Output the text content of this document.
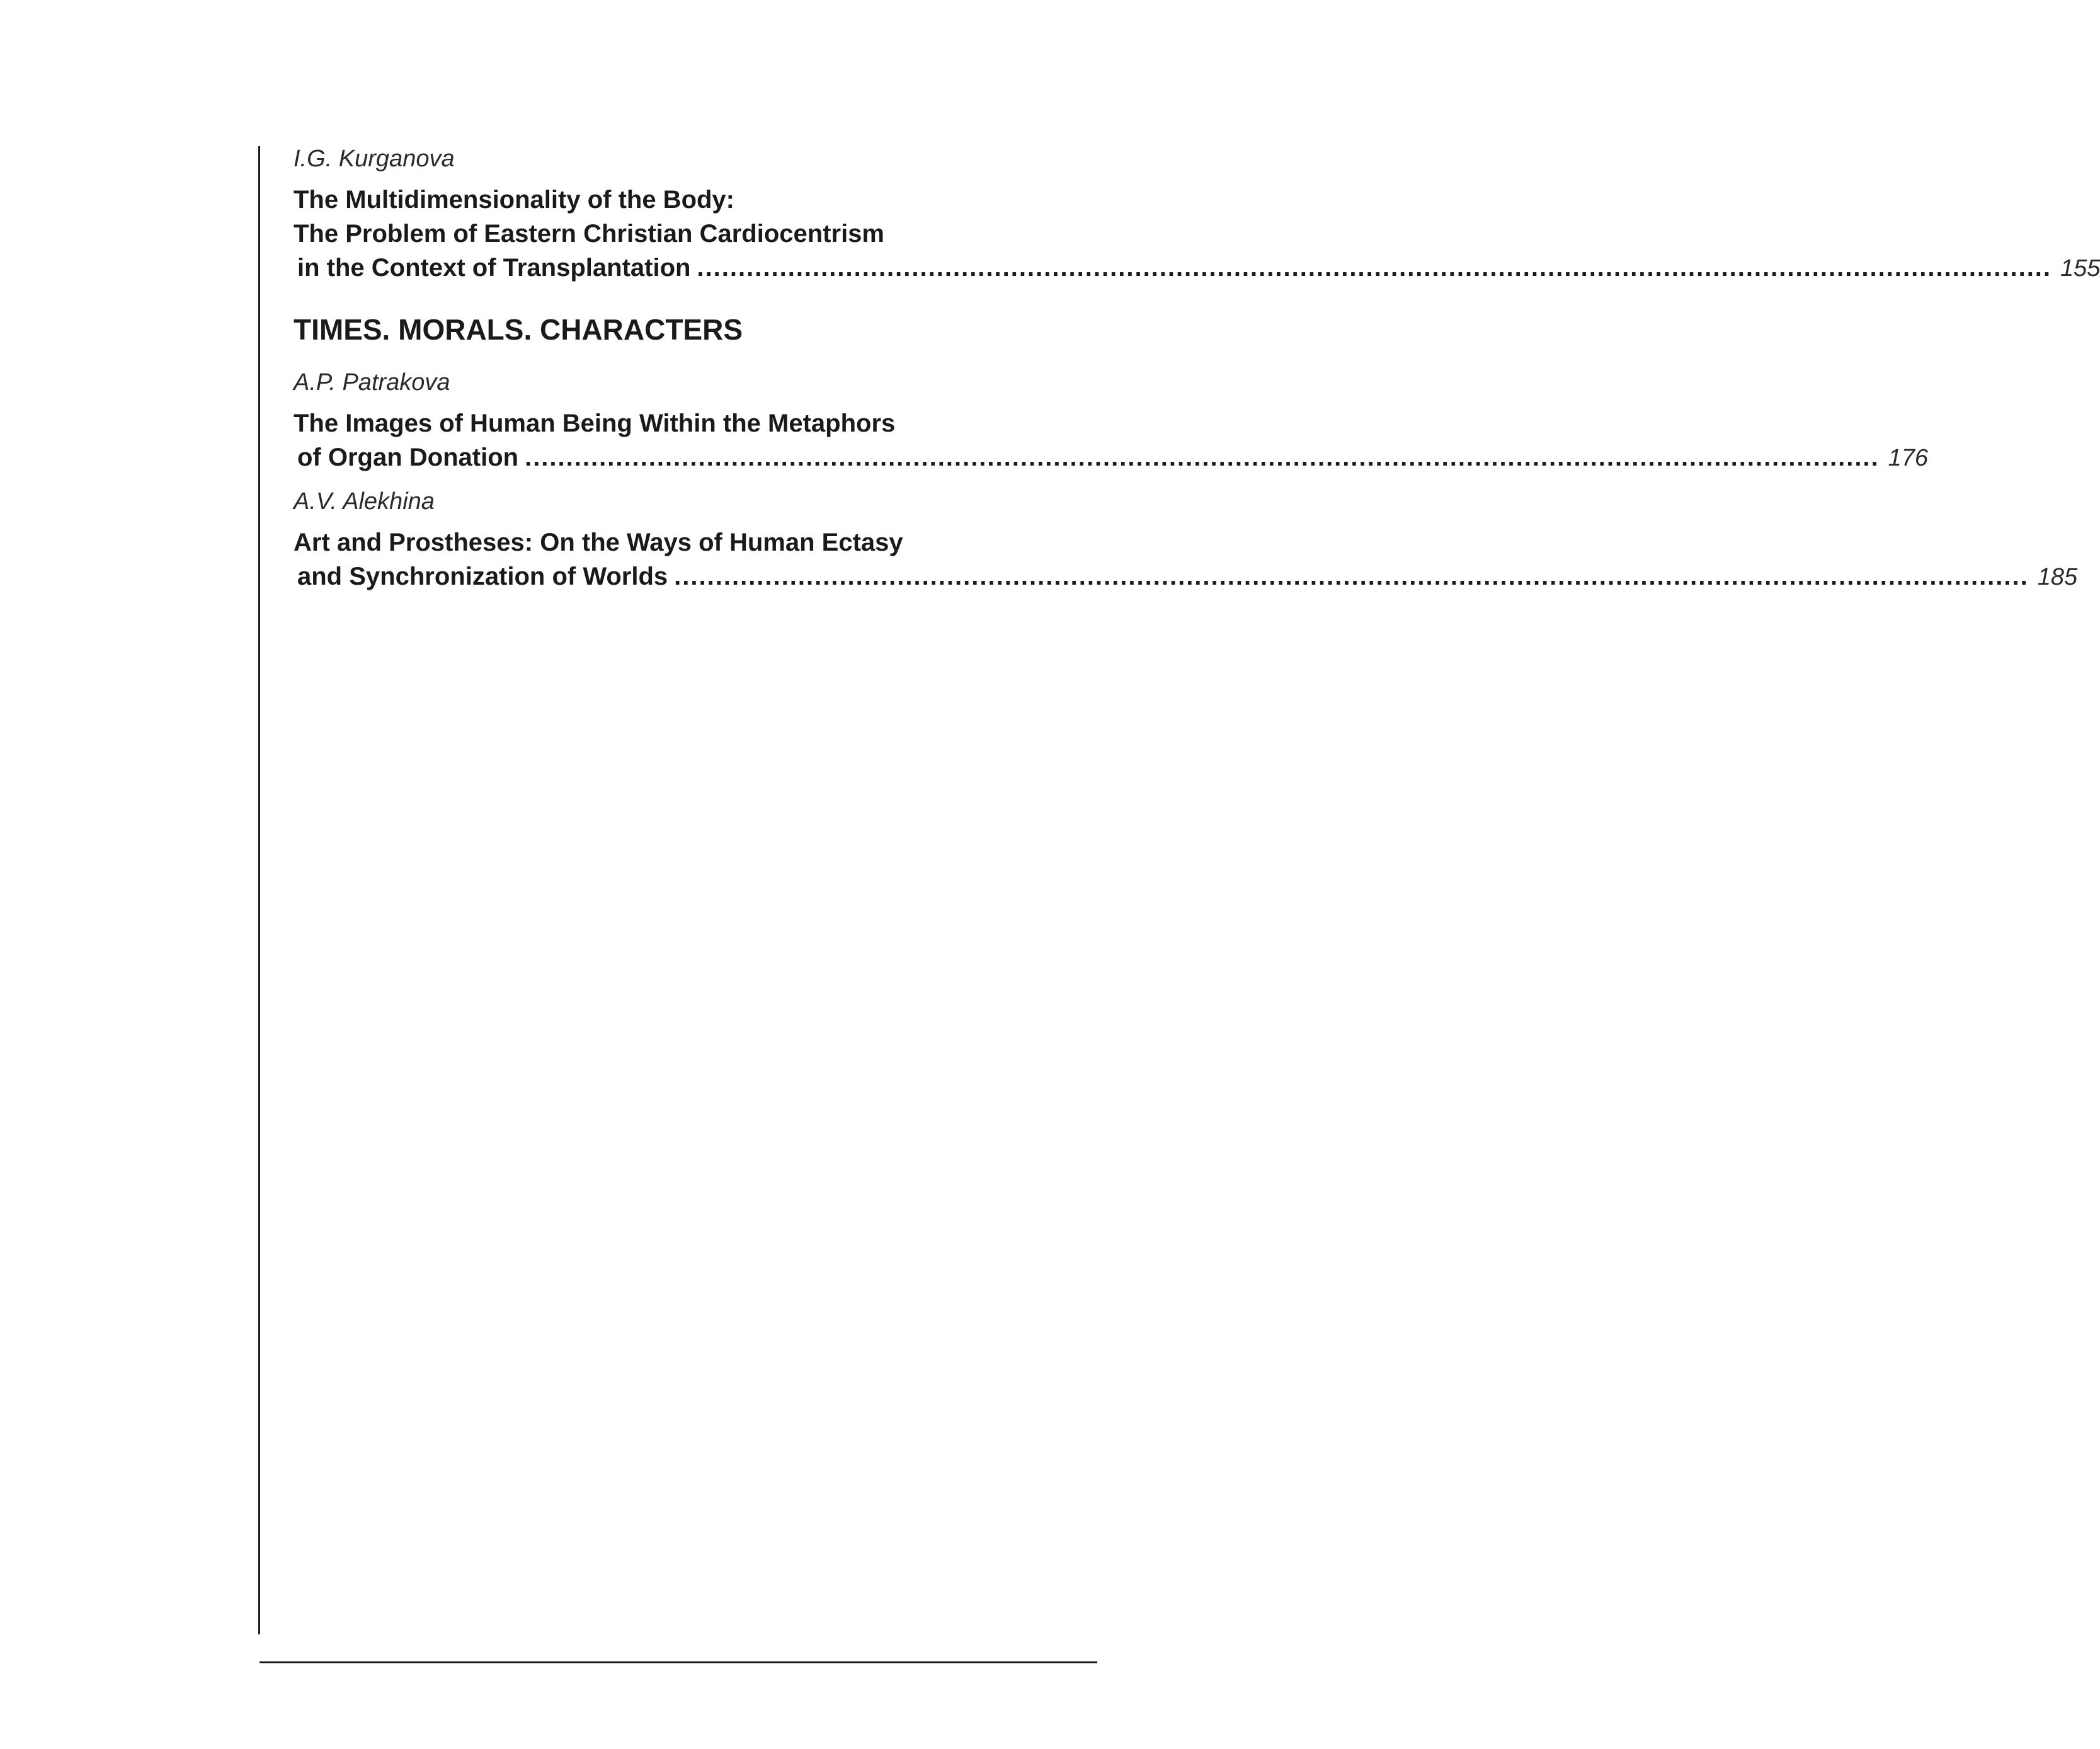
I.G. Kurganova

The Multidimensionality of the Body:
The Problem of Eastern Christian Cardiocentrism
in the Context of Transplantation .................................................................................................................................................................... 155
TIMES. MORALS. CHARACTERS

A.P. Patrakova

The Images of Human Being Within the Metaphors
of Organ Donation .................................................................................................................................................................... 176

A.V. Alekhina

Art and Prostheses: On the Ways of Human Ectasy
and Synchronization of Worlds .................................................................................................................................................................... 185
